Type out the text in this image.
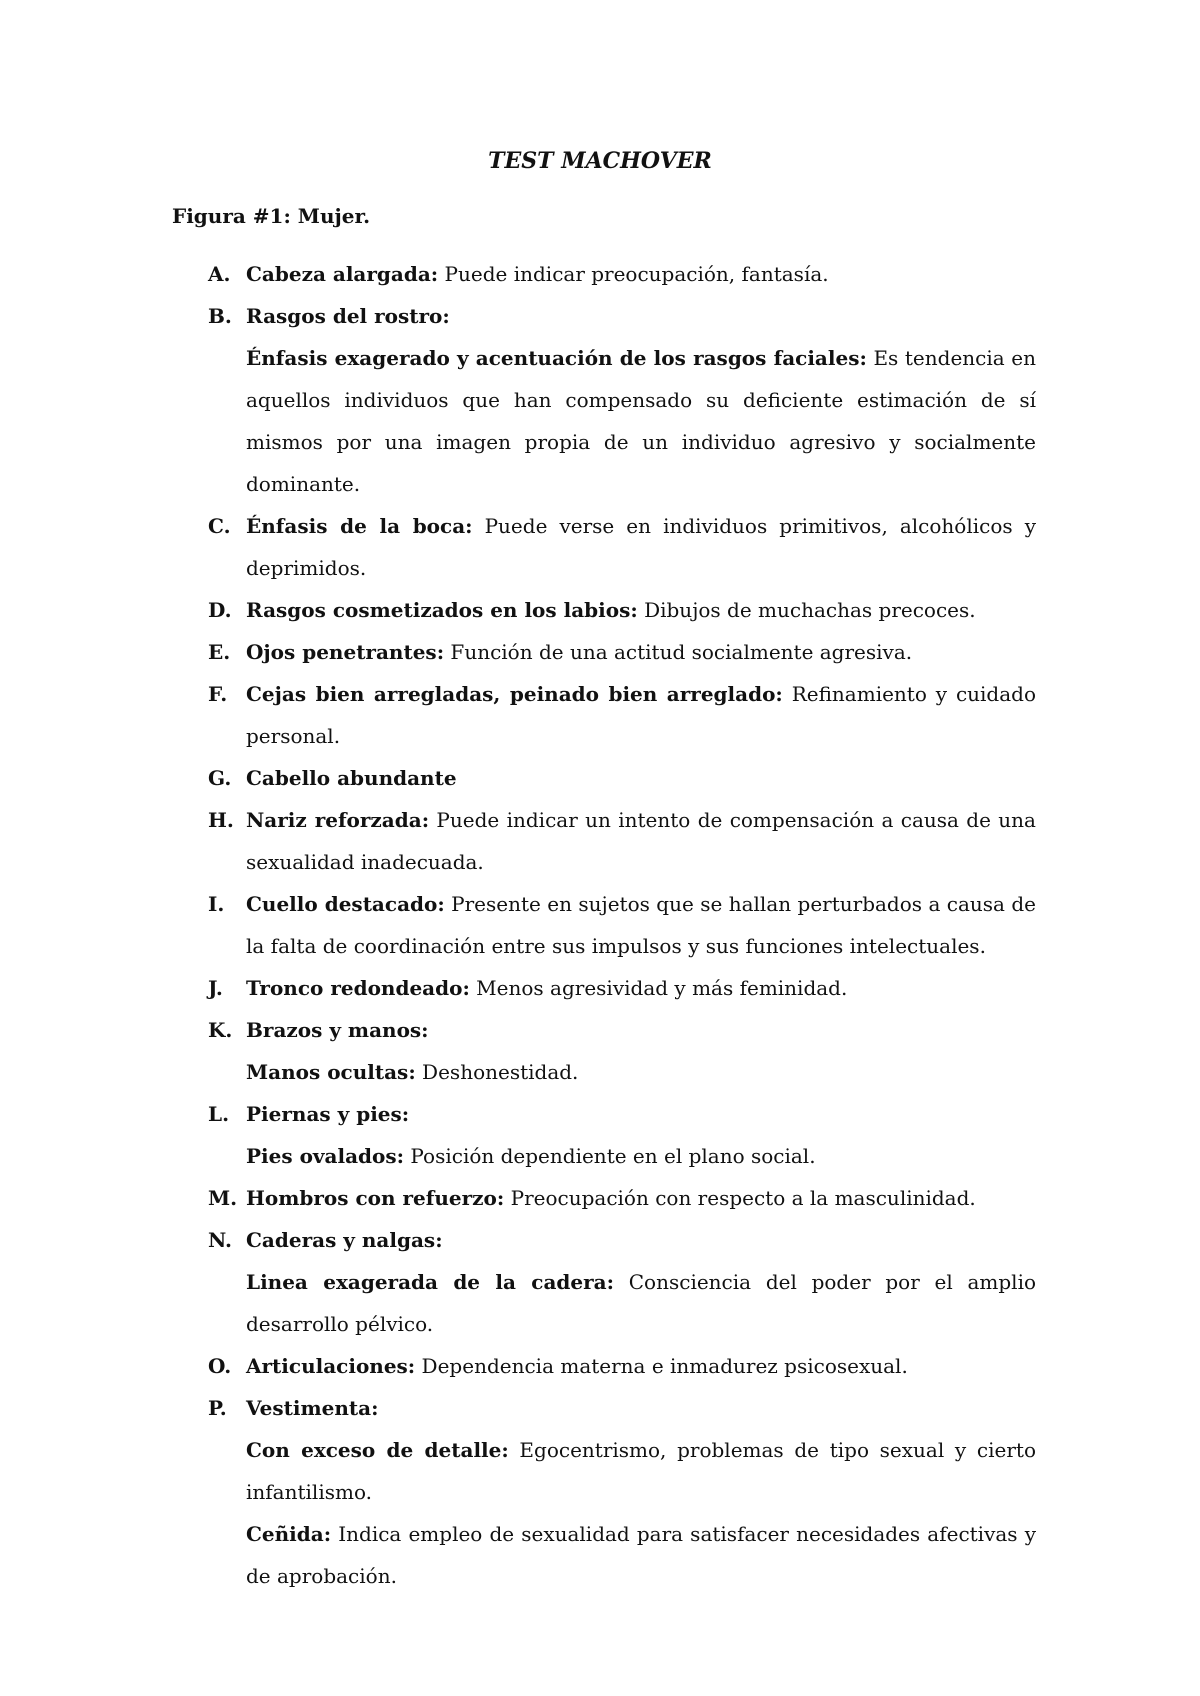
TEST MACHOVER

Figura #1: Mujer.

A. Cabeza alargada: Puede indicar preocupación, fantasía.

B. Rasgos del rostro:

Énfasis exagerado y acentuación de los rasgos faciales: Es tendencia en aquellos individuos que han compensado su deficiente estimación de sí mismos por una imagen propia de un individuo agresivo y socialmente dominante.

C. Énfasis de la boca: Puede verse en individuos primitivos, alcohólicos y deprimidos.

D. Rasgos cosmetizados en los labios: Dibujos de muchachas precoces.

E. Ojos penetrantes: Función de una actitud socialmente agresiva.

F. Cejas bien arregladas, peinado bien arreglado: Refinamiento y cuidado personal.

G. Cabello abundante

H. Nariz reforzada: Puede indicar un intento de compensación a causa de una sexualidad inadecuada.

I. Cuello destacado: Presente en sujetos que se hallan perturbados a causa de la falta de coordinación entre sus impulsos y sus funciones intelectuales.

J. Tronco redondeado: Menos agresividad y más feminidad.

K. Brazos y manos:

Manos ocultas: Deshonestidad.

L. Piernas y pies:

Pies ovalados: Posición dependiente en el plano social.

M. Hombros con refuerzo: Preocupación con respecto a la masculinidad.

N. Caderas y nalgas:

Linea exagerada de la cadera: Consciencia del poder por el amplio desarrollo pélvico.

O. Articulaciones: Dependencia materna e inmadurez psicosexual.

P. Vestimenta:

Con exceso de detalle: Egocentrismo, problemas de tipo sexual y cierto infantilismo.

Ceñida: Indica empleo de sexualidad para satisfacer necesidades afectivas y de aprobación.
